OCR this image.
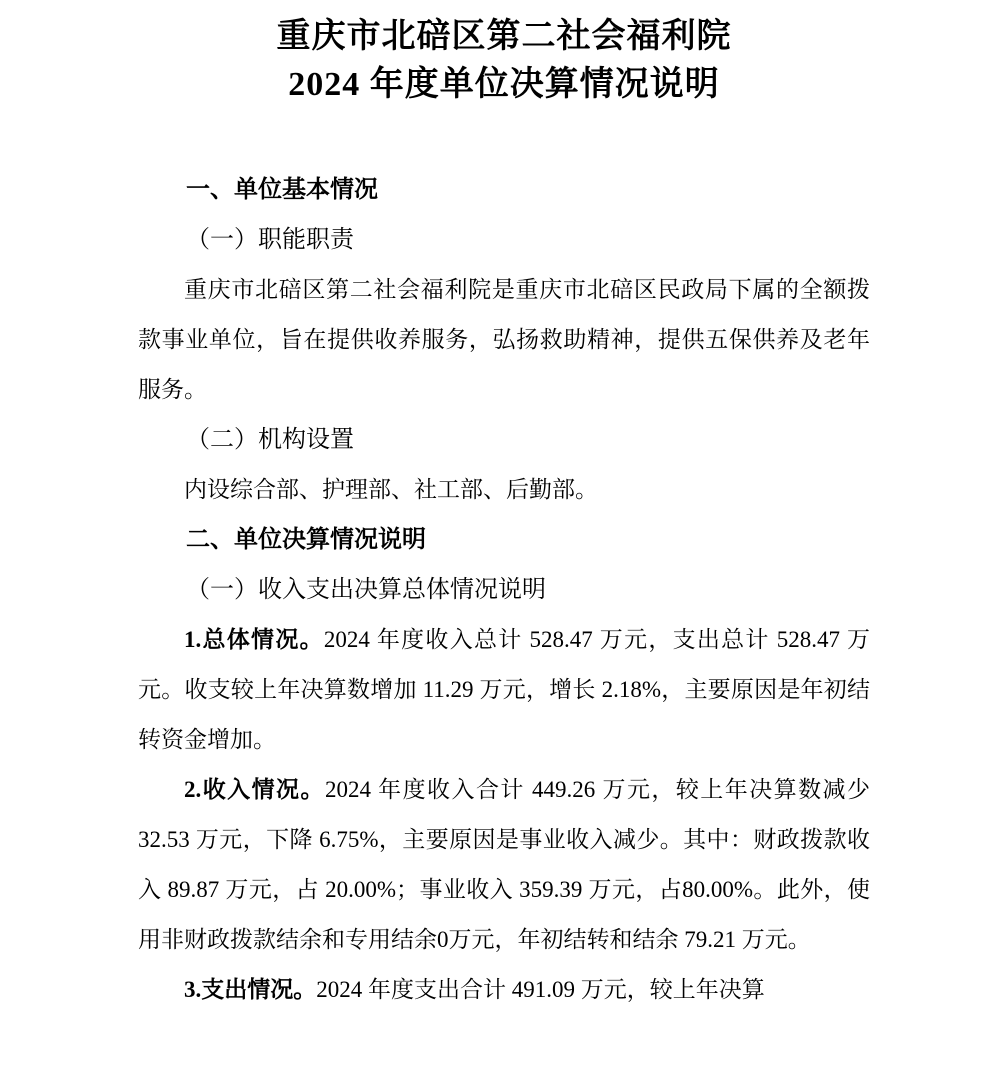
重庆市北碚区第二社会福利院
2024 年度单位决算情况说明
一、单位基本情况
（一）职能职责

重庆市北碚区第二社会福利院是重庆市北碚区民政局下属的全额拨款事业单位，旨在提供收养服务，弘扬救助精神，提供五保供养及老年服务。

（二）机构设置

内设综合部、护理部、社工部、后勤部。

二、单位决算情况说明
（一）收入支出决算总体情况说明

1.总体情况。2024 年度收入总计 528.47 万元，支出总计 528.47 万元。收支较上年决算数增加 11.29 万元，增长 2.18%，主要原因是年初结转资金增加。

2.收入情况。2024 年度收入合计 449.26 万元，较上年决算数减少 32.53 万元，下降 6.75%，主要原因是事业收入减少。其中：财政拨款收入 89.87 万元，占 20.00%；事业收入 359.39 万元，占80.00%。此外，使用非财政拨款结余和专用结余0万元，年初结转和结余 79.21 万元。

3.支出情况。2024 年度支出合计 491.09 万元，较上年决算
